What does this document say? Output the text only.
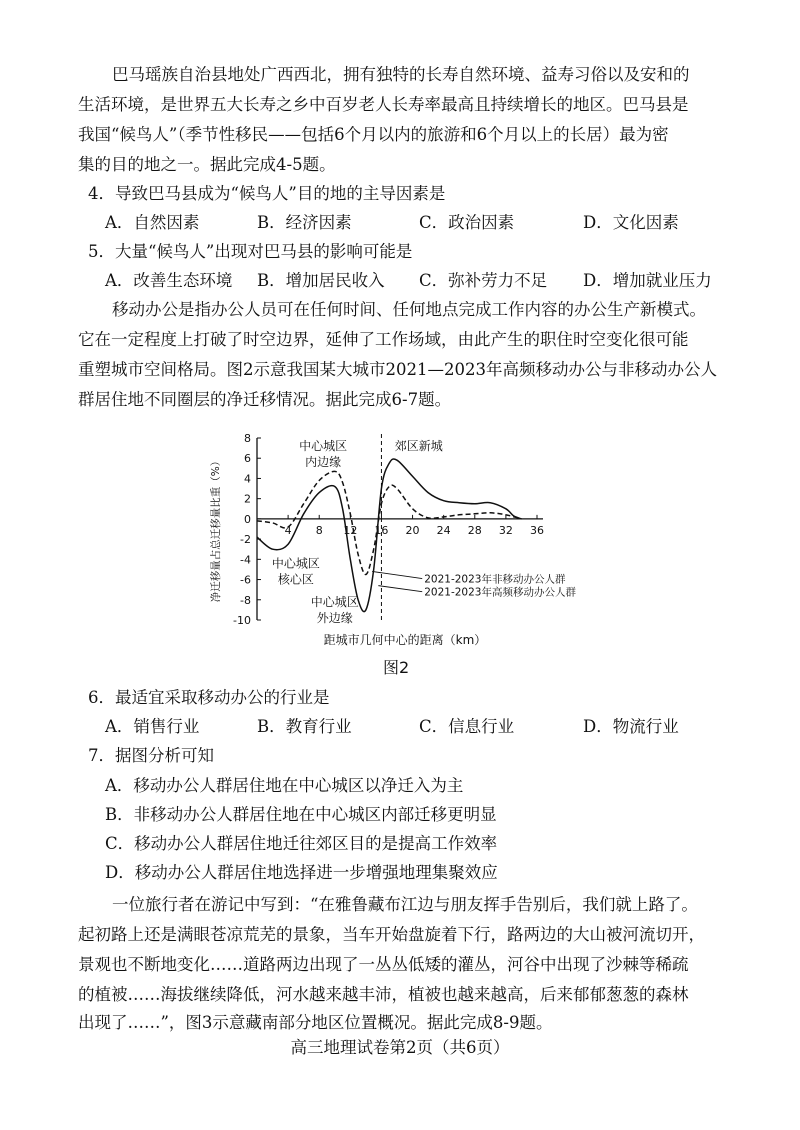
巴马瑶族自治县地处广西西北，拥有独特的长寿自然环境、益寿习俗以及安和的
生活环境，是世界五大长寿之乡中百岁老人长寿率最高且持续增长的地区。巴马县是
我国“候鸟人”（季节性移民——包括6个月以内的旅游和6个月以上的长居）最为密
集的目的地之一。据此完成4-5题。
4．导致巴马县成为“候鸟人”目的地的主导因素是
A．自然因素	B．经济因素	C．政治因素	D．文化因素
5．大量“候鸟人”出现对巴马县的影响可能是
A．改善生态环境 B．增加居民收入 C．弥补劳力不足 D．增加就业压力
移动办公是指办公人员可在任何时间、任何地点完成工作内容的办公生产新模式。
它在一定程度上打破了时空边界，延伸了工作场域，由此产生的职住时空变化很可能
重塑城市空间格局。图2示意我国某大城市2021—2023年高频移动办公与非移动办公人
群居住地不同圈层的净迁移情况。据此完成6-7题。
8
6
4
2
0
-2
-4
-6
-8
-10
4 8 12 16 20 24 28 32 36
净迁移量占总迁移量比重（%）
距城市几何中心的距离（km）
中心城区
内边缘
中心城区
核心区
中心城区
外边缘
郊区新城
2021-2023年非移动办公人群
2021-2023年高频移动办公人群
图2
6．最适宜采取移动办公的行业是
A．销售行业	B．教育行业	C．信息行业	D．物流行业
7．据图分析可知
A．移动办公人群居住地在中心城区以净迁入为主
B．非移动办公人群居住地在中心城区内部迁移更明显
C．移动办公人群居住地迁往郊区目的是提高工作效率
D．移动办公人群居住地选择进一步增强地理集聚效应
一位旅行者在游记中写到：“在雅鲁藏布江边与朋友挥手告别后，我们就上路了。
起初路上还是满眼苍凉荒芜的景象，当车开始盘旋着下行，路两边的大山被河流切开，
景观也不断地变化……道路两边出现了一丛丛低矮的灌丛，河谷中出现了沙棘等稀疏
的植被……海拔继续降低，河水越来越丰沛，植被也越来越高，后来郁郁葱葱的森林
出现了……”，图3示意藏南部分地区位置概况。据此完成8-9题。
高三地理试卷第2页（共6页）
